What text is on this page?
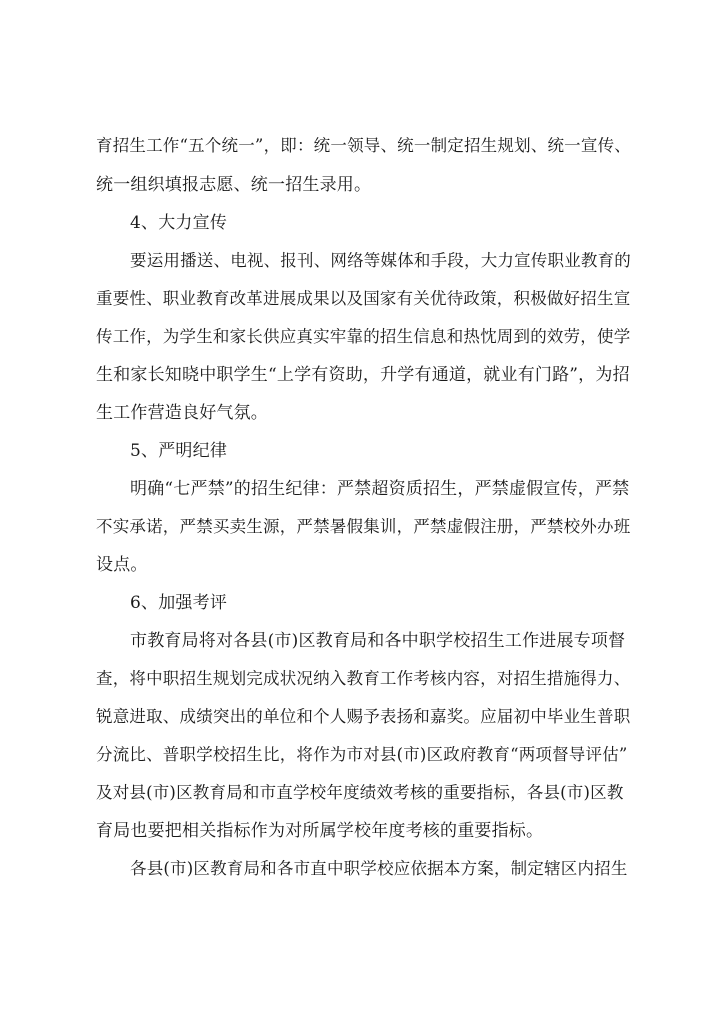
育招生工作“五个统一”，即：统一领导、统一制定招生规划、统一宣传、
统一组织填报志愿、统一招生录用。
4、大力宣传
要运用播送、电视、报刊、网络等媒体和手段，大力宣传职业教育的
重要性、职业教育改革进展成果以及国家有关优待政策，积极做好招生宣
传工作，为学生和家长供应真实牢靠的招生信息和热忱周到的效劳，使学
生和家长知晓中职学生“上学有资助，升学有通道，就业有门路”，为招
生工作营造良好气氛。
5、严明纪律
明确“七严禁”的招生纪律：严禁超资质招生，严禁虚假宣传，严禁
不实承诺，严禁买卖生源，严禁暑假集训，严禁虚假注册，严禁校外办班
设点。
6、加强考评
市教育局将对各县(市)区教育局和各中职学校招生工作进展专项督
查，将中职招生规划完成状况纳入教育工作考核内容，对招生措施得力、
锐意进取、成绩突出的单位和个人赐予表扬和嘉奖。应届初中毕业生普职
分流比、普职学校招生比，将作为市对县(市)区政府教育“两项督导评估”
及对县(市)区教育局和市直学校年度绩效考核的重要指标，各县(市)区教
育局也要把相关指标作为对所属学校年度考核的重要指标。
各县(市)区教育局和各市直中职学校应依据本方案，制定辖区内招生
